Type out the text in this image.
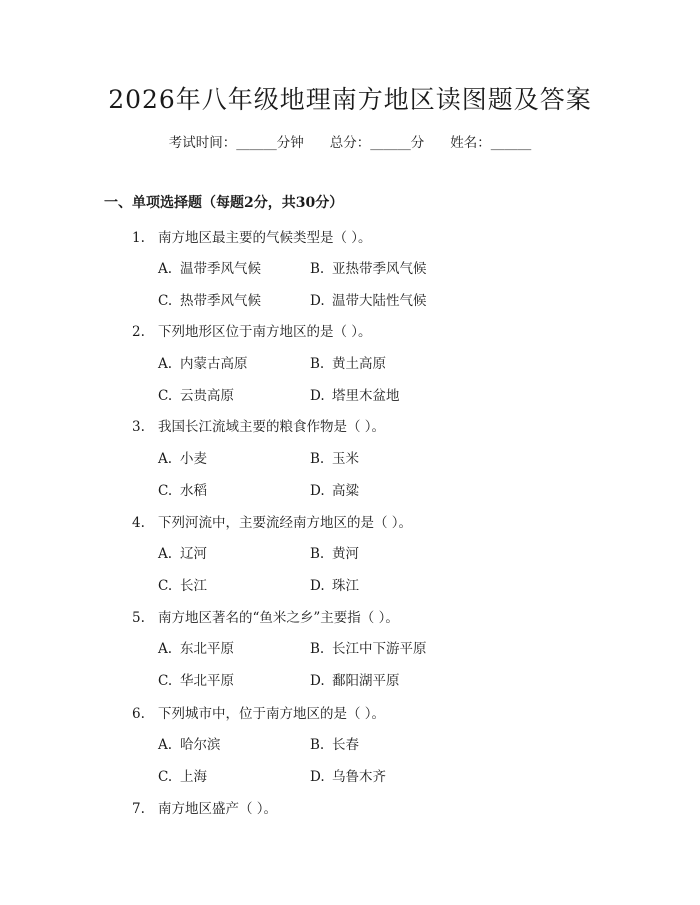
2026年八年级地理南方地区读图题及答案
考试时间：______分钟 总分：______分 姓名：______
一、单项选择题（每题2分，共30分）
1. 南方地区最主要的气候类型是（ ）。
A. 温带季风气候	B. 亚热带季风气候
C. 热带季风气候	D. 温带大陆性气候
2. 下列地形区位于南方地区的是（ ）。
A. 内蒙古高原	B. 黄土高原
C. 云贵高原	D. 塔里木盆地
3. 我国长江流域主要的粮食作物是（ ）。
A. 小麦	B. 玉米
C. 水稻	D. 高粱
4. 下列河流中，主要流经南方地区的是（ ）。
A. 辽河	B. 黄河
C. 长江	D. 珠江
5. 南方地区著名的“鱼米之乡”主要指（ ）。
A. 东北平原	B. 长江中下游平原
C. 华北平原	D. 鄱阳湖平原
6. 下列城市中，位于南方地区的是（ ）。
A. 哈尔滨	B. 长春
C. 上海	D. 乌鲁木齐
7. 南方地区盛产（ ）。
